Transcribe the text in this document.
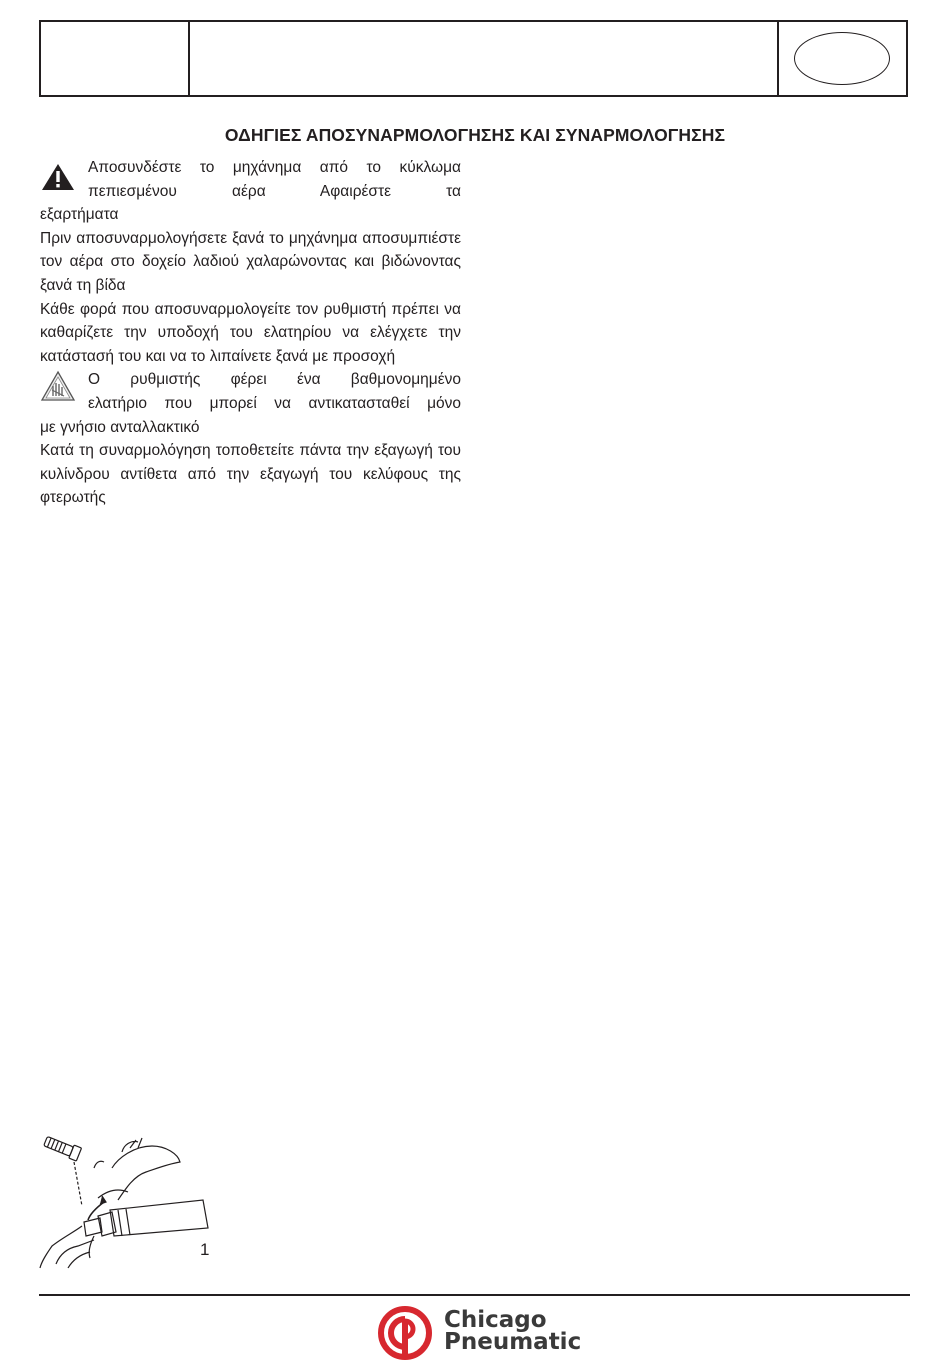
ΟΔΗΓΙΕΣ ΑΠΟΣΥΝΑΡΜΟΛΟΓΗΣΗΣ ΚΑΙ ΣΥΝΑΡΜΟΛΟΓΗΣΗΣ
Αποσυνδέστε το μηχάνημα από το κύκλωμα
πεπιεσμένου αέρα Αφαιρέστε τα
εξαρτήματα

Πριν αποσυναρμολογήσετε ξανά το μηχάνημα αποσυμπιέστε τον αέρα στο δοχείο λαδιού χαλαρώνοντας και βιδώνοντας ξανά τη βίδα

Κάθε φορά που αποσυναρμολογείτε τον ρυθμιστή πρέπει να καθαρίζετε την υποδοχή του ελατηρίου να ελέγχετε την κατάστασή του και να το λιπαίνετε ξανά με προσοχή

Ο ρυθμιστής φέρει ένα βαθμονομημένο
ελατήριο που μπορεί να αντικατασταθεί μόνο
με γνήσιο ανταλλακτικό

Κατά τη συναρμολόγηση τοποθετείτε πάντα την εξαγωγή του κυλίνδρου αντίθετα από την εξαγωγή του κελύφους της φτερωτής

1
Chicago
Pneumatic
